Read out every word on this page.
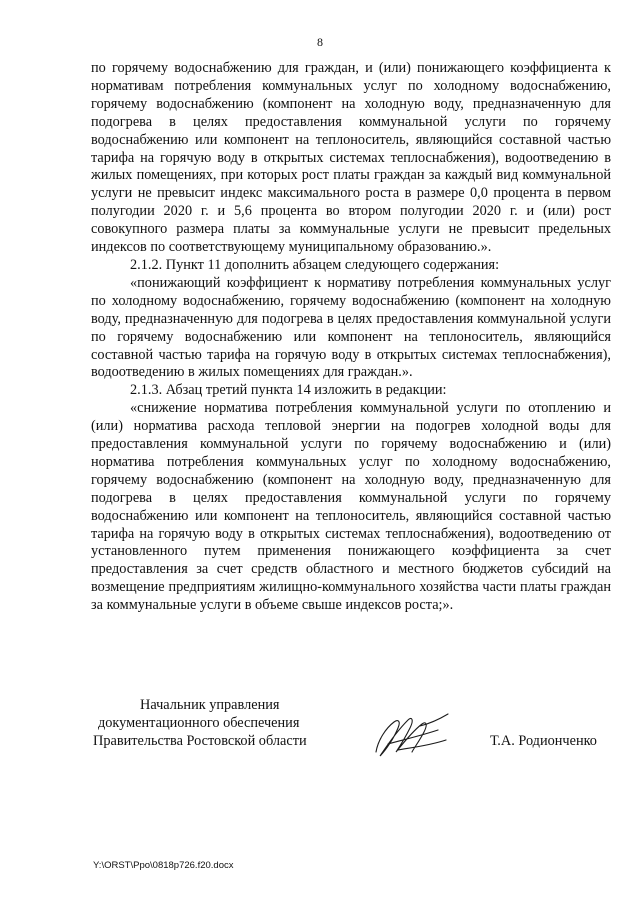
8

по горячему водоснабжению для граждан, и (или) понижающего коэффициента к нормативам потребления коммунальных услуг по холодному водоснабжению, горячему водоснабжению (компонент на холодную воду, предназначенную для подогрева в целях предоставления коммунальной услуги по горячему водоснабжению или компонент на теплоноситель, являющийся составной частью тарифа на горячую воду в открытых системах теплоснабжения), водоотведению в жилых помещениях, при которых рост платы граждан за каждый вид коммунальной услуги не превысит индекс максимального роста в размере 0,0 процента в первом полугодии 2020 г. и 5,6 процента во втором полугодии 2020 г. и (или) рост совокупного размера платы за коммунальные услуги не превысит предельных индексов по соответствующему муниципальному образованию.».

2.1.2. Пункт 11 дополнить абзацем следующего содержания:

«понижающий коэффициент к нормативу потребления коммунальных услуг по холодному водоснабжению, горячему водоснабжению (компонент на холодную воду, предназначенную для подогрева в целях предоставления коммунальной услуги по горячему водоснабжению или компонент на теплоноситель, являющийся составной частью тарифа на горячую воду в открытых системах теплоснабжения), водоотведению в жилых помещениях для граждан.».

2.1.3. Абзац третий пункта 14 изложить в редакции:

«снижение норматива потребления коммунальной услуги по отоплению и (или) норматива расхода тепловой энергии на подогрев холодной воды для предоставления коммунальной услуги по горячему водоснабжению и (или) норматива потребления коммунальных услуг по холодному водоснабжению, горячему водоснабжению (компонент на холодную воду, предназначенную для подогрева в целях предоставления коммунальной услуги по горячему водоснабжению или компонент на теплоноситель, являющийся составной частью тарифа на горячую воду в открытых системах теплоснабжения), водоотведению от установленного путем применения понижающего коэффициента за счет предоставления за счет средств областного и местного бюджетов субсидий на возмещение предприятиям жилищно-коммунального хозяйства части платы граждан за коммунальные услуги в объеме свыше индексов роста;».

Начальник управления
документационного обеспечения
Правительства Ростовской области	Т.А. Родионченко
Y:\ORST\Ppo\0818p726.f20.docx
